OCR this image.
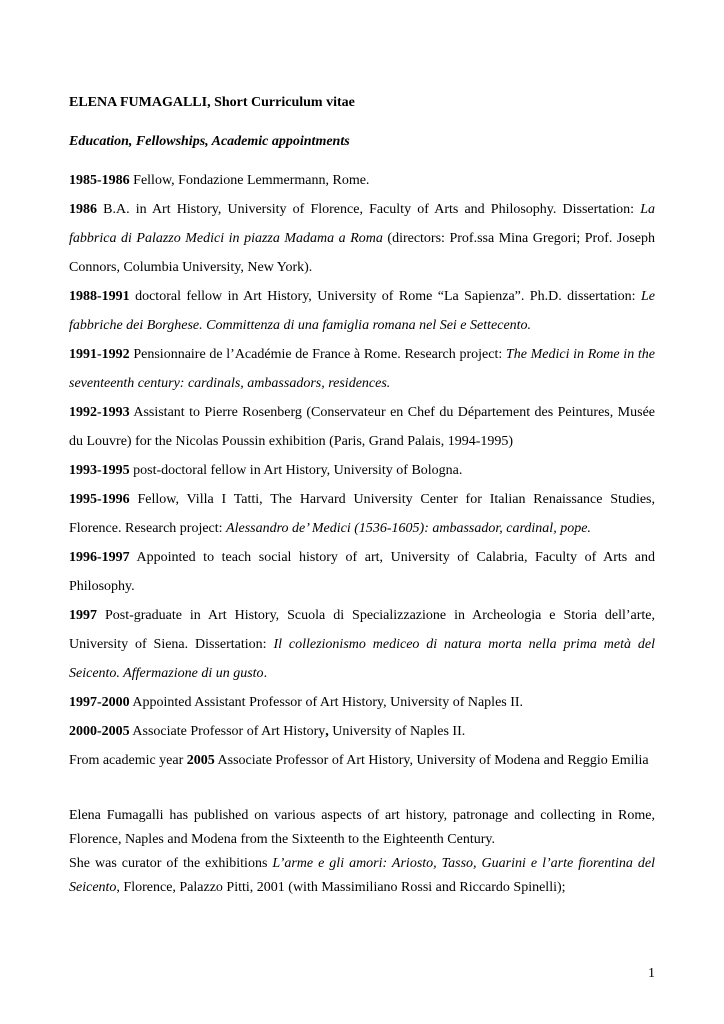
ELENA FUMAGALLI, Short Curriculum vitae

Education, Fellowships, Academic appointments

1985-1986 Fellow, Fondazione Lemmermann, Rome.

1986 B.A. in Art History, University of Florence, Faculty of Arts and Philosophy. Dissertation: La fabbrica di Palazzo Medici in piazza Madama a Roma (directors: Prof.ssa Mina Gregori; Prof. Joseph Connors, Columbia University, New York).

1988-1991 doctoral fellow in Art History, University of Rome “La Sapienza”. Ph.D. dissertation: Le fabbriche dei Borghese. Committenza di una famiglia romana nel Sei e Settecento.

1991-1992 Pensionnaire de l’Académie de France à Rome. Research project: The Medici in Rome in the seventeenth century: cardinals, ambassadors, residences.

1992-1993 Assistant to Pierre Rosenberg (Conservateur en Chef du Département des Peintures, Musée du Louvre) for the Nicolas Poussin exhibition (Paris, Grand Palais, 1994-1995)

1993-1995 post-doctoral fellow in Art History, University of Bologna.

1995-1996 Fellow, Villa I Tatti, The Harvard University Center for Italian Renaissance Studies, Florence. Research project: Alessandro de’ Medici (1536-1605): ambassador, cardinal, pope.

1996-1997 Appointed to teach social history of art, University of Calabria, Faculty of Arts and Philosophy.

1997 Post-graduate in Art History, Scuola di Specializzazione in Archeologia e Storia dell’arte, University of Siena. Dissertation: Il collezionismo mediceo di natura morta nella prima metà del Seicento. Affermazione di un gusto.

1997-2000 Appointed Assistant Professor of Art History, University of Naples II.

2000-2005 Associate Professor of Art History, University of Naples II.

From academic year 2005 Associate Professor of Art History, University of Modena and Reggio Emilia

Elena Fumagalli has published on various aspects of art history, patronage and collecting in Rome, Florence, Naples and Modena from the Sixteenth to the Eighteenth Century.

She was curator of the exhibitions L’arme e gli amori: Ariosto, Tasso, Guarini e l’arte fiorentina del Seicento, Florence, Palazzo Pitti, 2001 (with Massimiliano Rossi and Riccardo Spinelli);

1
